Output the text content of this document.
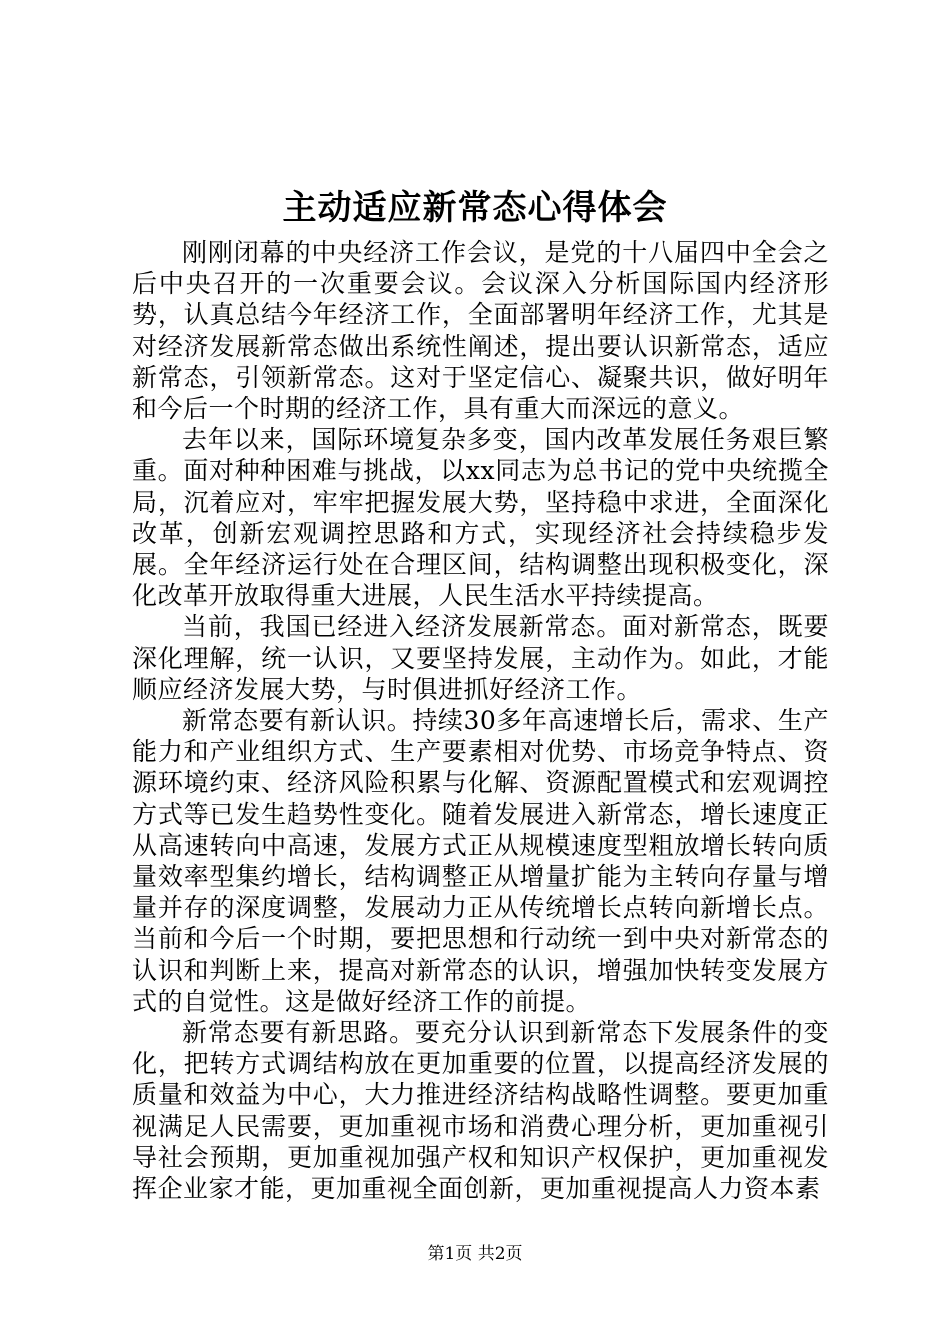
主动适应新常态心得体会

刚刚闭幕的中央经济工作会议，是党的十八届四中全会之后中央召开的一次重要会议。会议深入分析国际国内经济形势，认真总结今年经济工作，全面部署明年经济工作，尤其是对经济发展新常态做出系统性阐述，提出要认识新常态，适应新常态，引领新常态。这对于坚定信心、凝聚共识，做好明年和今后一个时期的经济工作，具有重大而深远的意义。

去年以来，国际环境复杂多变，国内改革发展任务艰巨繁重。面对种种困难与挑战，以xx同志为总书记的党中央统揽全局，沉着应对，牢牢把握发展大势，坚持稳中求进，全面深化改革，创新宏观调控思路和方式，实现经济社会持续稳步发展。全年经济运行处在合理区间，结构调整出现积极变化，深化改革开放取得重大进展，人民生活水平持续提高。

当前，我国已经进入经济发展新常态。面对新常态，既要深化理解，统一认识，又要坚持发展，主动作为。如此，才能顺应经济发展大势，与时俱进抓好经济工作。

新常态要有新认识。持续30多年高速增长后，需求、生产能力和产业组织方式、生产要素相对优势、市场竞争特点、资源环境约束、经济风险积累与化解、资源配置模式和宏观调控方式等已发生趋势性变化。随着发展进入新常态，增长速度正从高速转向中高速，发展方式正从规模速度型粗放增长转向质量效率型集约增长，结构调整正从增量扩能为主转向存量与增量并存的深度调整，发展动力正从传统增长点转向新增长点。当前和今后一个时期，要把思想和行动统一到中央对新常态的认识和判断上来，提高对新常态的认识，增强加快转变发展方式的自觉性。这是做好经济工作的前提。

新常态要有新思路。要充分认识到新常态下发展条件的变化，把转方式调结构放在更加重要的位置，以提高经济发展的质量和效益为中心，大力推进经济结构战略性调整。要更加重视满足人民需要，更加重视市场和消费心理分析，更加重视引导社会预期，更加重视加强产权和知识产权保护，更加重视发挥企业家才能，更加重视全面创新，更加重视提高人力资本素

第1页 共2页
